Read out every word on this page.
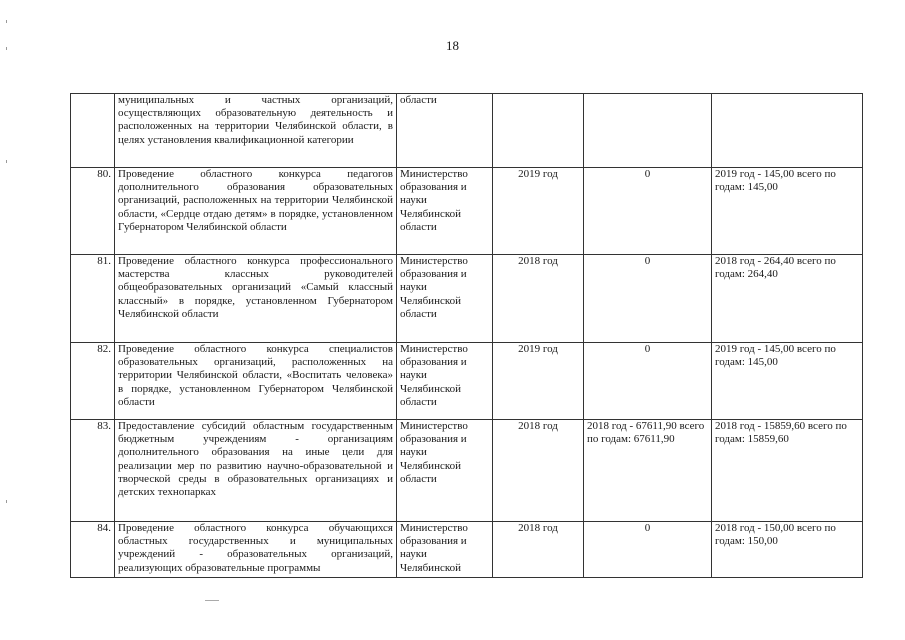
18
	муниципальных и частных организаций, осуществляющих образовательную деятельность и расположенных на территории Челябинской области, в целях установления квалификационной категории	области			
80.	Проведение областного конкурса педагогов дополнительного образования образовательных организаций, расположенных на территории Челябинской области, «Сердце отдаю детям» в порядке, установленном Губернатором Челябинской области	Министерство образования и науки Челябинской области	2019 год	0	2019 год - 145,00 всего по годам: 145,00
81.	Проведение областного конкурса профессионального мастерства классных руководителей общеобразовательных организаций «Самый классный классный» в порядке, установленном Губернатором Челябинской области	Министерство образования и науки Челябинской области	2018 год	0	2018 год - 264,40 всего по годам: 264,40
82.	Проведение областного конкурса специалистов образовательных организаций, расположенных на территории Челябинской области, «Воспитать человека» в порядке, установленном Губернатором Челябинской области	Министерство образования и науки Челябинской области	2019 год	0	2019 год - 145,00 всего по годам: 145,00
83.	Предоставление субсидий областным государственным бюджетным учреждениям - организациям дополнительного образования на иные цели для реализации мер по развитию научно-образовательной и творческой среды в образовательных организациях и детских технопарках	Министерство образования и науки Челябинской области	2018 год	2018 год - 67611,90 всего по годам: 67611,90	2018 год - 15859,60 всего по годам: 15859,60
84.	Проведение областного конкурса обучающихся областных государственных и муниципальных учреждений - образовательных организаций, реализующих образовательные программы	Министерство образования и науки Челябинской	2018 год	0	2018 год - 150,00 всего по годам: 150,00
